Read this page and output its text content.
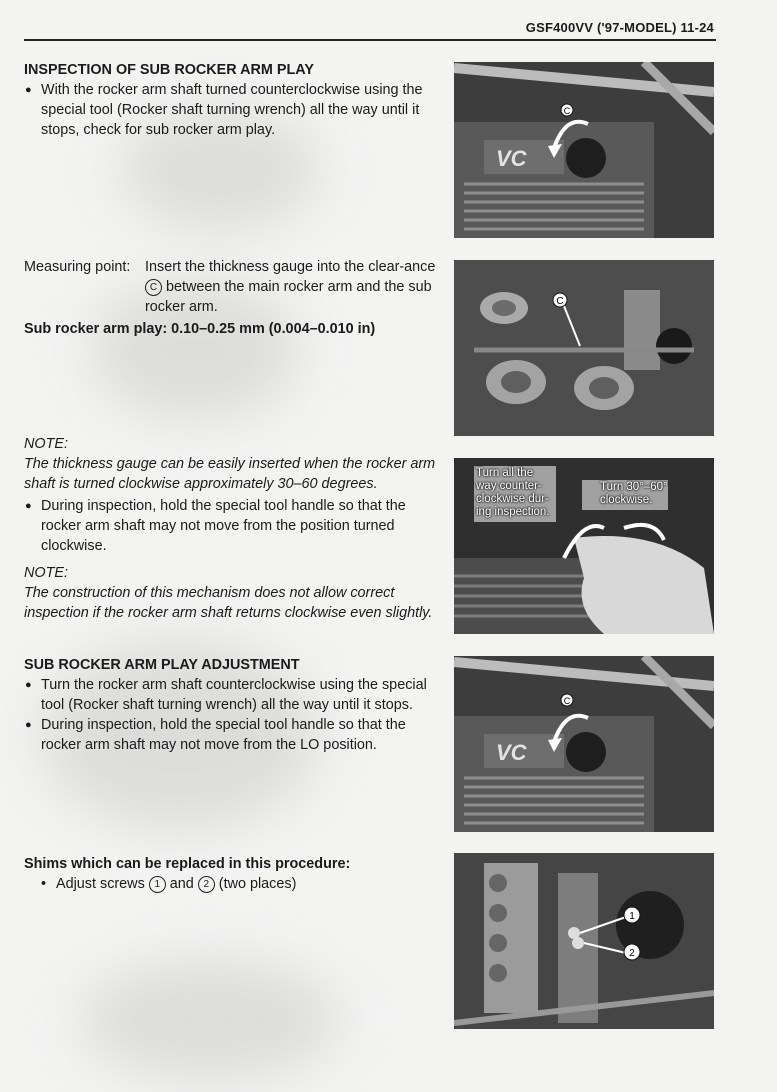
GSF400VV ('97-MODEL) 11-24

INSPECTION OF SUB ROCKER ARM PLAY

● With the rocker arm shaft turned counterclockwise using the special tool (Rocker shaft turning wrench) all the way until it stops, check for sub rocker arm play.

Measuring point: Insert the thickness gauge into the clear-ance C between the main rocker arm and the sub rocker arm.

Sub rocker arm play: 0.10–0.25 mm (0.004–0.010 in)

NOTE:

The thickness gauge can be easily inserted when the rocker arm shaft is turned clockwise approximately 30–60 degrees.

● During inspection, hold the special tool handle so that the rocker arm shaft may not move from the position turned clockwise.

NOTE:

The construction of this mechanism does not allow correct inspection if the rocker arm shaft returns clockwise even slightly.

SUB ROCKER ARM PLAY ADJUSTMENT

● Turn the rocker arm shaft counterclockwise using the special tool (Rocker shaft turning wrench) all the way until it stops.

● During inspection, hold the special tool handle so that the rocker arm shaft may not move from the LO position.

Shims which can be replaced in this procedure:

• Adjust screws 1 and 2 (two places)

VC
C
C
Turn all the way counter-clockwise dur-ing inspection.
Turn 30°–60° clockwise.
VC
C
1
2
